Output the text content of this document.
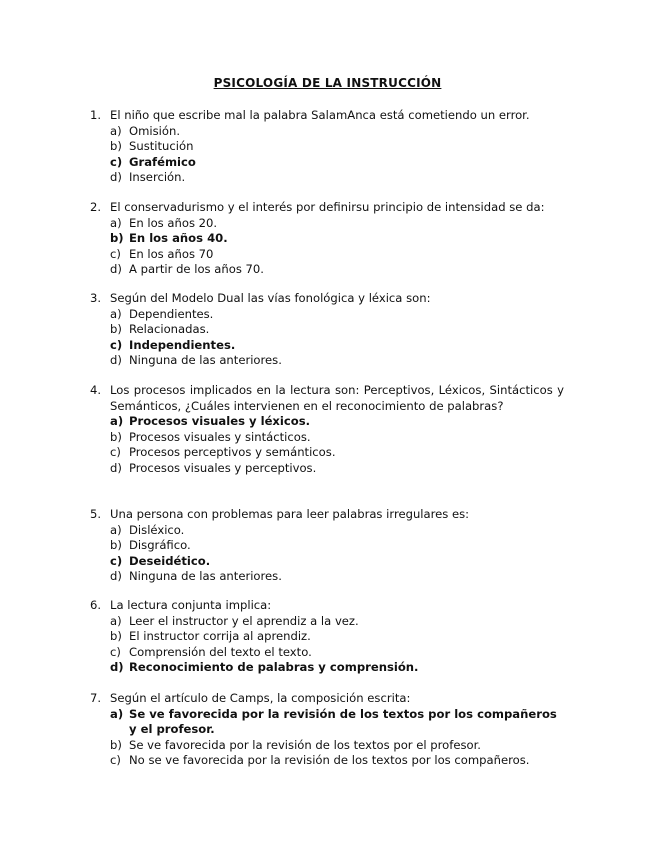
PSICOLOGÍA DE LA INSTRUCCIÓN
1. El niño que escribe mal la palabra SalamAnca está cometiendo un error.
a) Omisión.
b) Sustitución
c) Grafémico
d) Inserción.
2. El conservadurismo y el interés por definirsu principio de intensidad se da:
a) En los años 20.
b) En los años 40.
c) En los años 70
d) A partir de los años 70.
3. Según del Modelo Dual las vías fonológica y léxica son:
a) Dependientes.
b) Relacionadas.
c) Independientes.
d) Ninguna de las anteriores.
4. Los procesos implicados en la lectura son: Perceptivos, Léxicos, Sintácticos y Semánticos, ¿Cuáles intervienen en el reconocimiento de palabras?
a) Procesos visuales y léxicos.
b) Procesos visuales y sintácticos.
c) Procesos perceptivos y semánticos.
d) Procesos visuales y perceptivos.
5. Una persona con problemas para leer palabras irregulares es:
a) Disléxico.
b) Disgráfico.
c) Deseidético.
d) Ninguna de las anteriores.
6. La lectura conjunta implica:
a) Leer el instructor y el aprendiz a la vez.
b) El instructor corrija al aprendiz.
c) Comprensión del texto el texto.
d) Reconocimiento de palabras y comprensión.
7. Según el artículo de Camps, la composición escrita:
a) Se ve favorecida por la revisión de los textos por los compañeros y el profesor.
b) Se ve favorecida por la revisión de los textos por el profesor.
c) No se ve favorecida por la revisión de los textos por los compañeros.
